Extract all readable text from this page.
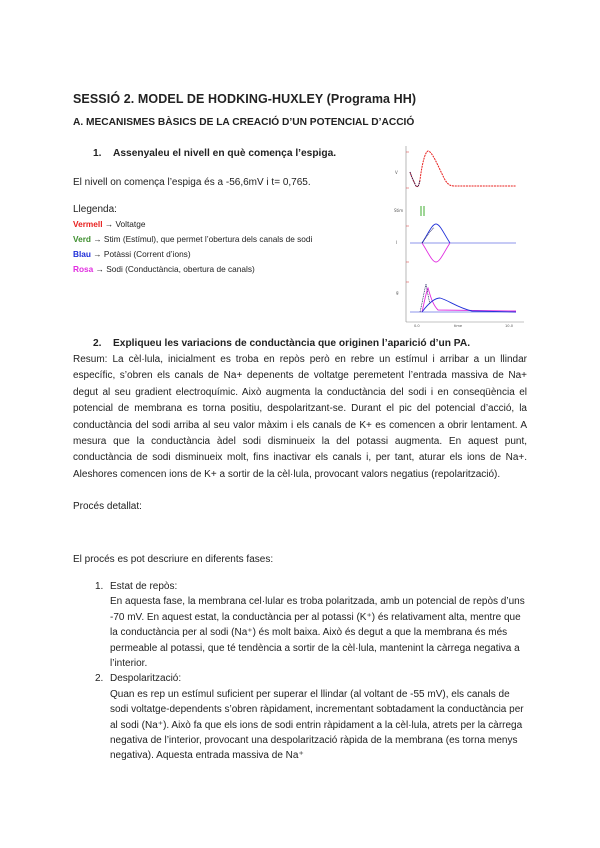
SESSIÓ 2. MODEL DE HODKING-HUXLEY (Programa HH)
A. MECANISMES BÀSICS DE LA CREACIÓ D’UN POTENCIAL D’ACCIÓ
1. Assenyaleu el nivell en què comença l’espiga.
El nivell on comença l’espiga és a -56,6mV i t= 0,765.
Llegenda:
Vermell → Voltatge
Verd → Stim (Estímul), que permet l’obertura dels canals de sodi
Blau → Potàssi (Corrent d’ions)
Rosa → Sodi (Conductància, obertura de canals)
V
Stim
I
g
0.0	time	10.0
2. Expliqueu les variacions de conductància que originen l’aparició d’un PA.
Resum: La cèl·lula, inicialment es troba en repòs però en rebre un estímul i arribar a un llindar específic, s’obren els canals de Na+ depenents de voltatge peremetent l’entrada massiva de Na+ degut al seu gradient electroquímic. Això augmenta la conductància del sodi i en conseqüència el potencial de membrana es torna positiu, despolaritzant-se. Durant el pic del potencial d’acció, la conductància del sodi arriba al seu valor màxim i els canals de K+ es comencen a obrir lentament. A mesura que la conductància àdel sodi disminueix la del potassi augmenta. En aquest punt, conductància de sodi disminueix molt, fins inactivar els canals i, per tant, aturar els ions de Na+. Aleshores comencen ions de K+ a sortir de la cèl·lula, provocant valors negatius (repolarització).
Procés detallat:
El procés es pot descriure en diferents fases:
1. Estat de repòs:
En aquesta fase, la membrana cel·lular es troba polaritzada, amb un potencial de repòs d’uns -70 mV. En aquest estat, la conductància per al potassi (K⁺) és relativament alta, mentre que la conductància per al sodi (Na⁺) és molt baixa. Això és degut a que la membrana és més permeable al potassi, que té tendència a sortir de la cèl·lula, mantenint la càrrega negativa a l’interior.
2. Despolarització:
Quan es rep un estímul suficient per superar el llindar (al voltant de -55 mV), els canals de sodi voltatge-dependents s’obren ràpidament, incrementant sobtadament la conductància per al sodi (Na⁺). Això fa que els ions de sodi entrin ràpidament a la cèl·lula, atrets per la càrrega negativa de l’interior, provocant una despolarització ràpida de la membrana (es torna menys negativa). Aquesta entrada massiva de Na⁺
